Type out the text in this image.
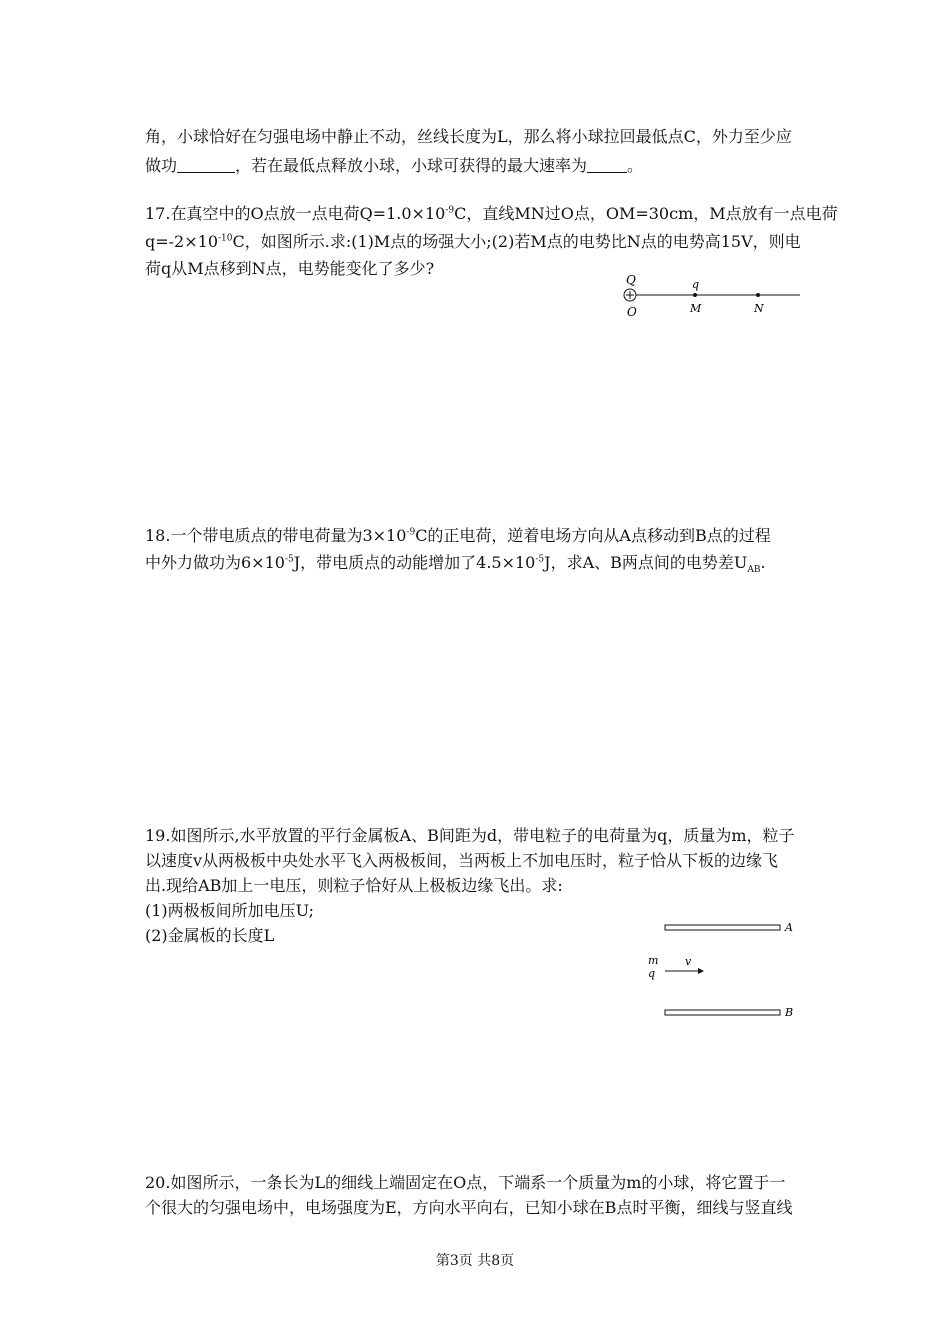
角，小球恰好在匀强电场中静止不动，丝线长度为L，那么将小球拉回最低点C，外力至少应
做功	，若在最低点释放小球，小球可获得的最大速率为	。
17.在真空中的O点放一点电荷$Q=1.0\times 10^{-9}C$，直线MN过O点，OM=30cm，M点放有一点电荷
$q=-2\times 10^{-10}C$，如图所示.求:(1)M点的场强大小;(2)若M点的电势比N点的电势高15V，则电
荷q从M点移到N点，电势能变化了多少?
Q
O
q
M	N
18.一个带电质点的带电荷量为$3\times 10^{-9}C$的正电荷，逆着电场方向从A点移动到B点的过程
中外力做功为$6\times 10^{-5}J$，带电质点的动能增加了$4.5\times 10^{-5}J$，求A、B两点间的电势差$U_{AB}$.
19.如图所示,水平放置的平行金属板A、B间距为d，带电粒子的电荷量为q，质量为m，粒子
以速度v从两极板中央处水平飞入两极板间，当两板上不加电压时，粒子恰从下板的边缘飞
出.现给AB加上一电压，则粒子恰好从上极板边缘飞出。求:
(1)两极板间所加电压U;
(2)金属板的长度L	A
B
m
q
v
20.如图所示，一条长为L的细线上端固定在O点，下端系一个质量为m的小球，将它置于一
个很大的匀强电场中，电场强度为E，方向水平向右，已知小球在B点时平衡，细线与竖直线
第3页 共8页
